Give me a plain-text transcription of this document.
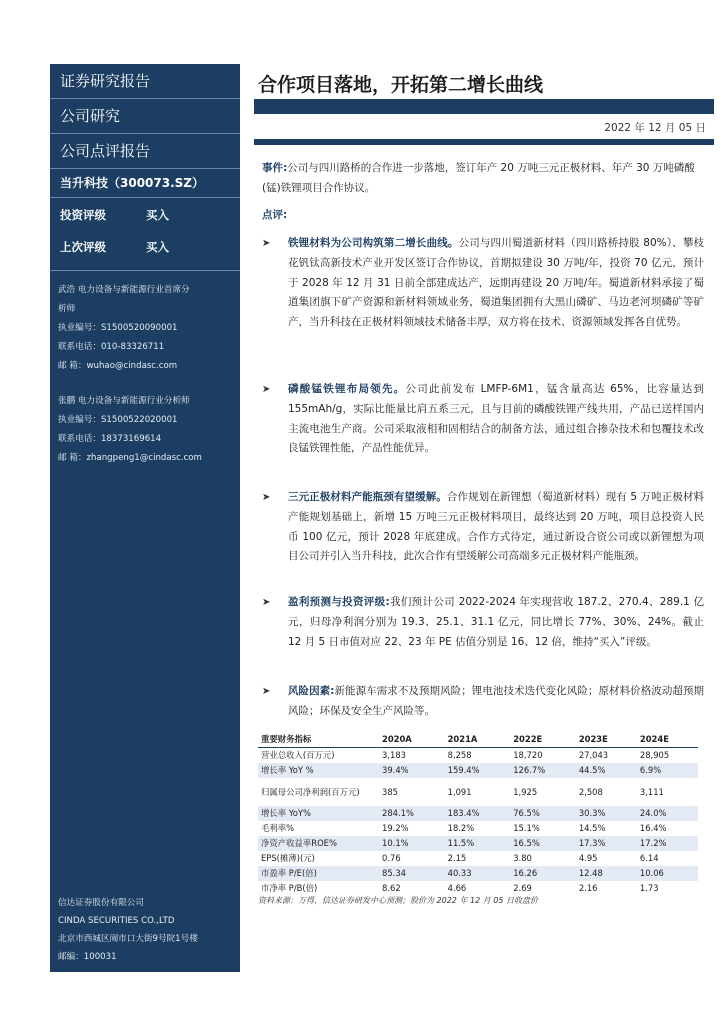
证券研究报告
公司研究
公司点评报告
当升科技（300073.SZ）
投资评级	买入
上次评级	买入
武浩 电力设备与新能源行业首席分
析师
执业编号：S1500520090001
联系电话：010-83326711
邮 箱：wuhao@cindasc.com
张鹏 电力设备与新能源行业分析师
执业编号：S1500522020001
联系电话：18373169614
邮 箱：zhangpeng1@cindasc.com
信达证券股份有限公司
CINDA SECURITIES CO.,LTD
北京市西城区闹市口大街9号院1号楼
邮编：100031
合作项目落地，开拓第二增长曲线
2022 年 12 月 05 日
事件:公司与四川路桥的合作进一步落地，签订年产 20 万吨三元正极材料、年产 30 万吨磷酸(锰)铁锂项目合作协议。
点评:
➤ 铁锂材料为公司构筑第二增长曲线。公司与四川蜀道新材料（四川路桥持股 80%）、攀枝花钒钛高新技术产业开发区签订合作协议，首期拟建设 30 万吨/年，投资 70 亿元，预计于 2028 年 12 月 31 日前全部建成达产，远期再建设 20 万吨/年。蜀道新材料承接了蜀道集团旗下矿产资源和新材料领域业务，蜀道集团拥有大黑山磷矿、马边老河坝磷矿等矿产，当升科技在正极材料领域技术储备丰厚，双方将在技术、资源领域发挥各自优势。
➤ 磷酸锰铁锂布局领先。公司此前发布 LMFP-6M1，锰含量高达 65%，比容量达到 155mAh/g，实际比能量比肩五系三元，且与目前的磷酸铁锂产线共用，产品已送样国内主流电池生产商。公司采取液相和固相结合的制备方法，通过组合掺杂技术和包覆技术改良锰铁锂性能，产品性能优异。
➤ 三元正极材料产能瓶颈有望缓解。合作规划在新锂想（蜀道新材料）现有 5 万吨正极材料产能规划基础上，新增 15 万吨三元正极材料项目，最终达到 20 万吨，项目总投资人民币 100 亿元，预计 2028 年底建成。合作方式待定，通过新设合资公司或以新锂想为项目公司并引入当升科技，此次合作有望缓解公司高端多元正极材料产能瓶颈。
➤ 盈利预测与投资评级:我们预计公司 2022-2024 年实现营收 187.2、270.4、289.1 亿元，归母净利润分别为 19.3、25.1、31.1 亿元，同比增长 77%、30%、24%。截止 12 月 5 日市值对应 22、23 年 PE 估值分别是 16、12 倍，维持“买入”评级。
➤ 风险因素:新能源车需求不及预期风险；锂电池技术迭代变化风险；原材料价格波动超预期风险；环保及安全生产风险等。
重要财务指标	2020A	2021A	2022E	2023E	2024E
营业总收入(百万元)	3,183	8,258	18,720	27,043	28,905
增长率 YoY %	39.4%	159.4%	126.7%	44.5%	6.9%
归属母公司净利润(百万元)	385	1,091	1,925	2,508	3,111
增长率 YoY%	284.1%	183.4%	76.5%	30.3%	24.0%
毛利率%	19.2%	18.2%	15.1%	14.5%	16.4%
净资产收益率ROE%	10.1%	11.5%	16.5%	17.3%	17.2%
EPS(摊薄)(元)	0.76	2.15	3.80	4.95	6.14
市盈率 P/E(倍)	85.34	40.33	16.26	12.48	10.06
市净率 P/B(倍)	8.62	4.66	2.69	2.16	1.73
资料来源：万得，信达证券研发中心预测；股价为 2022 年 12 月 05 日收盘价
